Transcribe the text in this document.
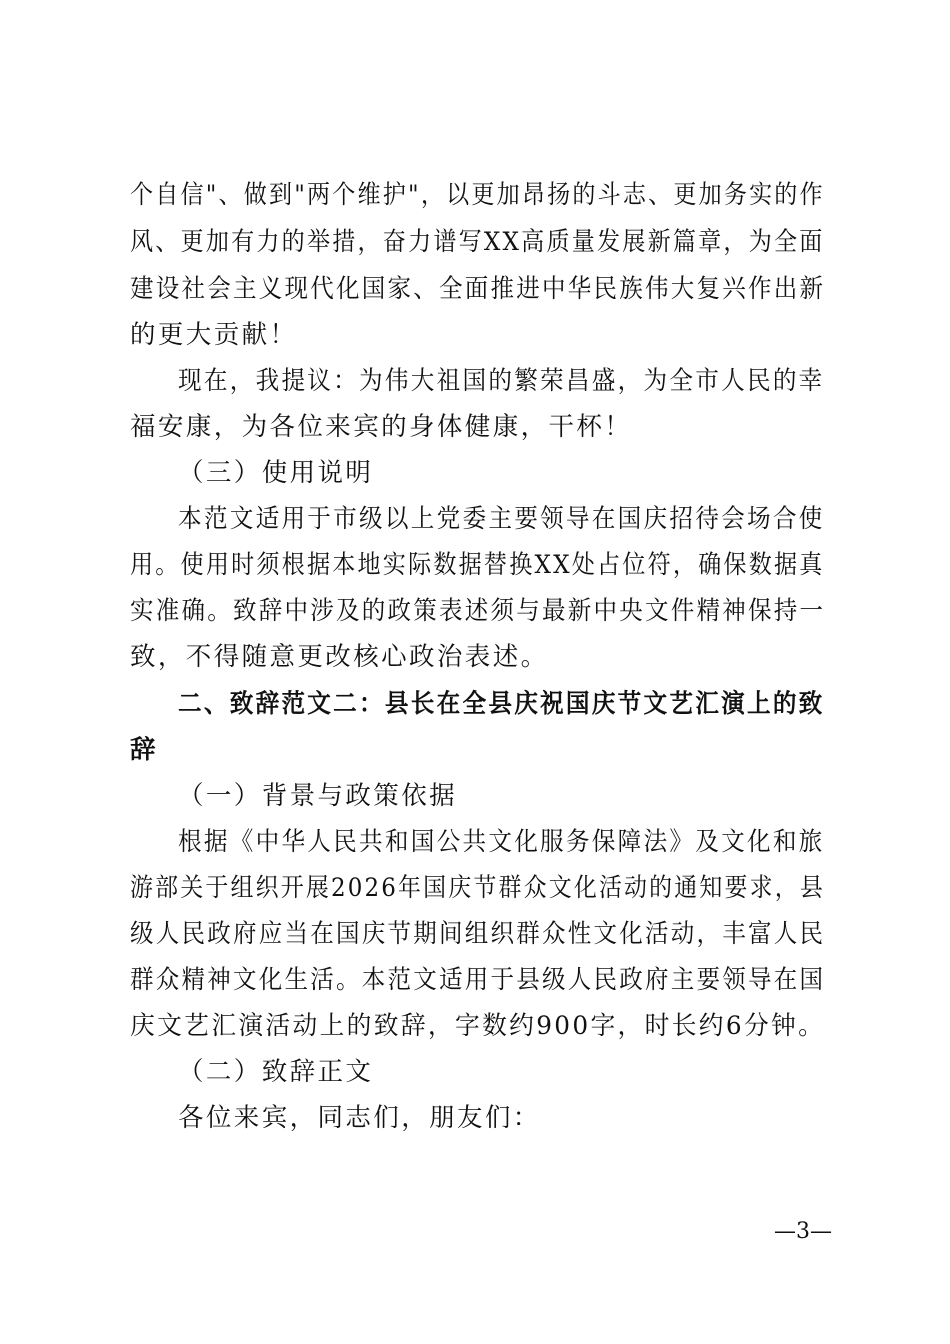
个自信"、做到"两个维护"，以更加昂扬的斗志、更加务实的作
风、更加有力的举措，奋力谱写XX高质量发展新篇章，为全面
建设社会主义现代化国家、全面推进中华民族伟大复兴作出新
的更大贡献！
现在，我提议：为伟大祖国的繁荣昌盛，为全市人民的幸
福安康，为各位来宾的身体健康，干杯！
（三）使用说明
本范文适用于市级以上党委主要领导在国庆招待会场合使
用。使用时须根据本地实际数据替换XX处占位符，确保数据真
实准确。致辞中涉及的政策表述须与最新中央文件精神保持一
致，不得随意更改核心政治表述。
二、致辞范文二：县长在全县庆祝国庆节文艺汇演上的致
辞
（一）背景与政策依据
根据《中华人民共和国公共文化服务保障法》及文化和旅
游部关于组织开展2026年国庆节群众文化活动的通知要求，县
级人民政府应当在国庆节期间组织群众性文化活动，丰富人民
群众精神文化生活。本范文适用于县级人民政府主要领导在国
庆文艺汇演活动上的致辞，字数约900字，时长约6分钟。
（二）致辞正文
各位来宾，同志们，朋友们：
—3—
